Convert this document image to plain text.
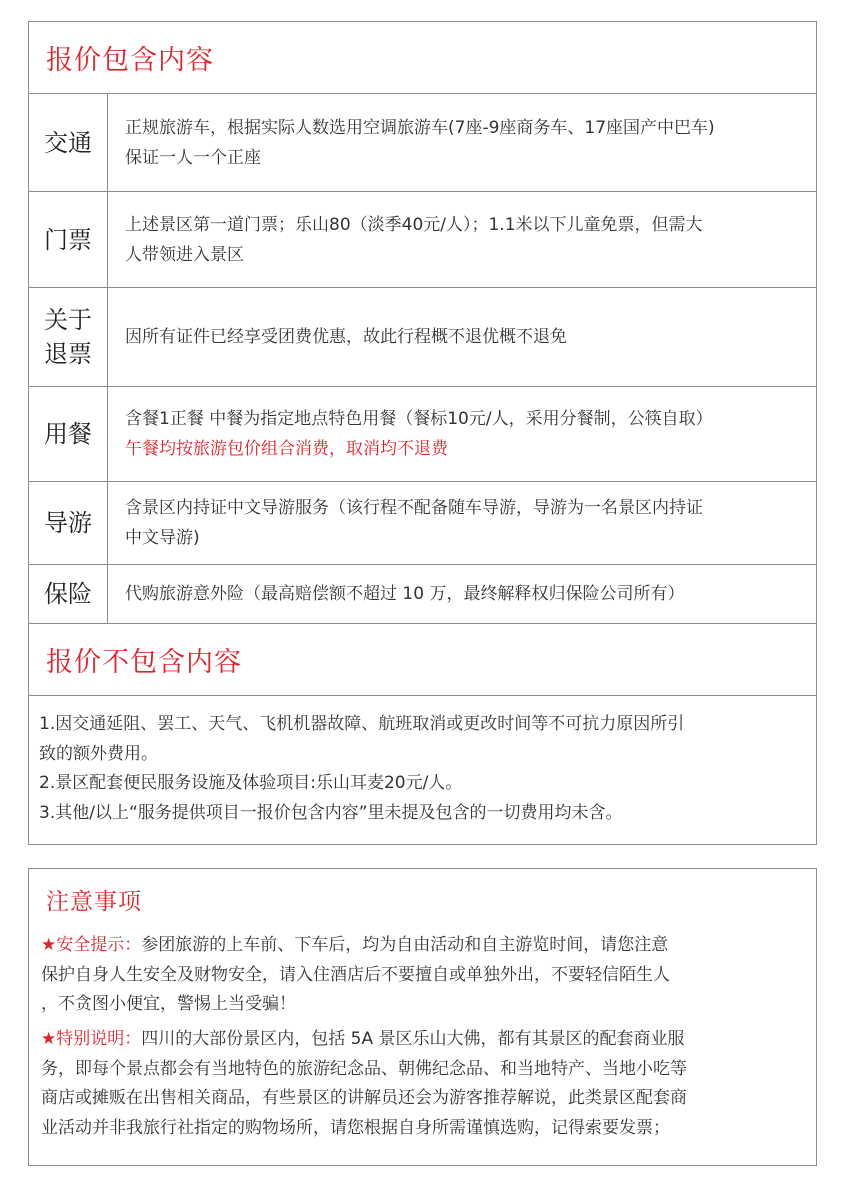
报价包含内容
交通
正规旅游车，根据实际人数选用空调旅游车(7座-9座商务车、17座国产中巴车)
保证一人一个正座
门票
上述景区第一道门票；乐山80（淡季40元/人）；1.1米以下儿童免票，但需大
人带领进入景区
关于退票
因所有证件已经享受团费优惠，故此行程概不退优概不退免
用餐
含餐1正餐 中餐为指定地点特色用餐（餐标10元/人，采用分餐制，公筷自取）
午餐均按旅游包价组合消费，取消均不退费
导游
含景区内持证中文导游服务（该行程不配备随车导游，导游为一名景区内持证
中文导游)
保险 代购旅游意外险（最高赔偿额不超过 10 万，最终解释权归保险公司所有）
报价不包含内容
1.因交通延阻、罢工、天气、飞机机器故障、航班取消或更改时间等不可抗力原因所引
致的额外费用。
2.景区配套便民服务设施及体验项目:乐山耳麦20元/人。
3.其他/以上“服务提供项目一报价包含内容”里未提及包含的一切费用均未含。
注意事项
★安全提示：参团旅游的上车前、下车后，均为自由活动和自主游览时间，请您注意
保护自身人生安全及财物安全，请入住酒店后不要擅自或单独外出，不要轻信陌生人
，不贪图小便宜，警惕上当受骗！
★特别说明：四川的大部份景区内，包括 5A 景区乐山大佛，都有其景区的配套商业服
务，即每个景点都会有当地特色的旅游纪念品、朝佛纪念品、和当地特产、当地小吃等
商店或摊贩在出售相关商品，有些景区的讲解员还会为游客推荐解说，此类景区配套商
业活动并非我旅行社指定的购物场所，请您根据自身所需谨慎选购，记得索要发票；
